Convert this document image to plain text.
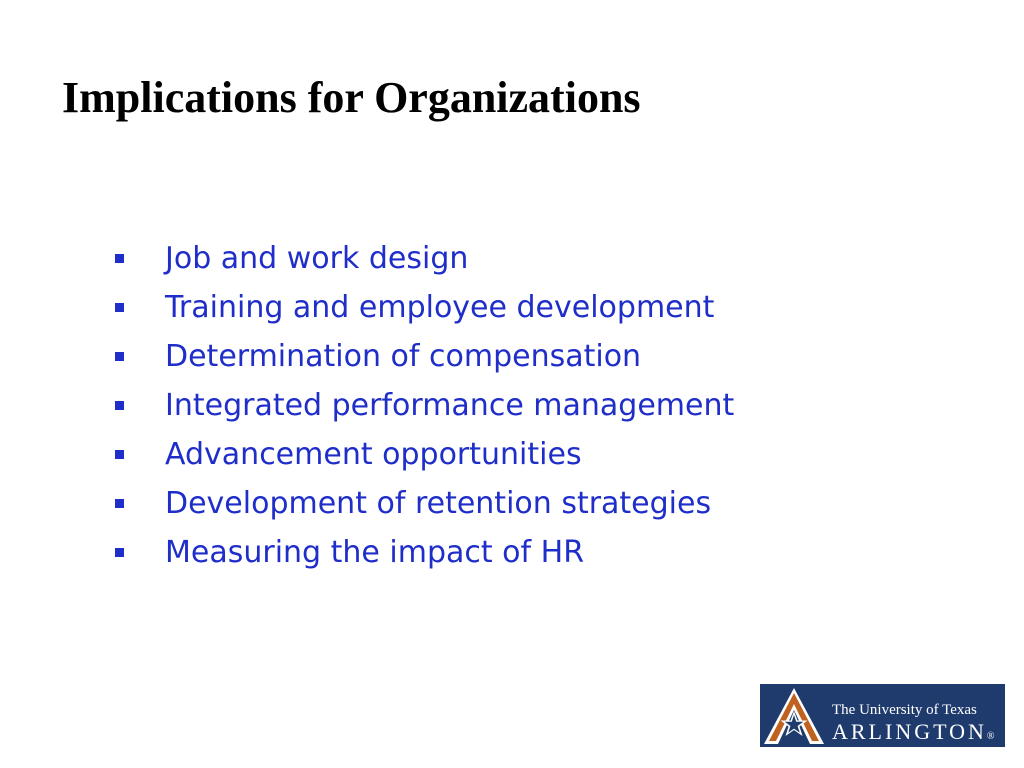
Implications for Organizations
Job and work design
Training and employee development
Determination of compensation
Integrated performance management
Advancement opportunities
Development of retention strategies
Measuring the impact of HR
The University of Texas
ARLINGTON®
